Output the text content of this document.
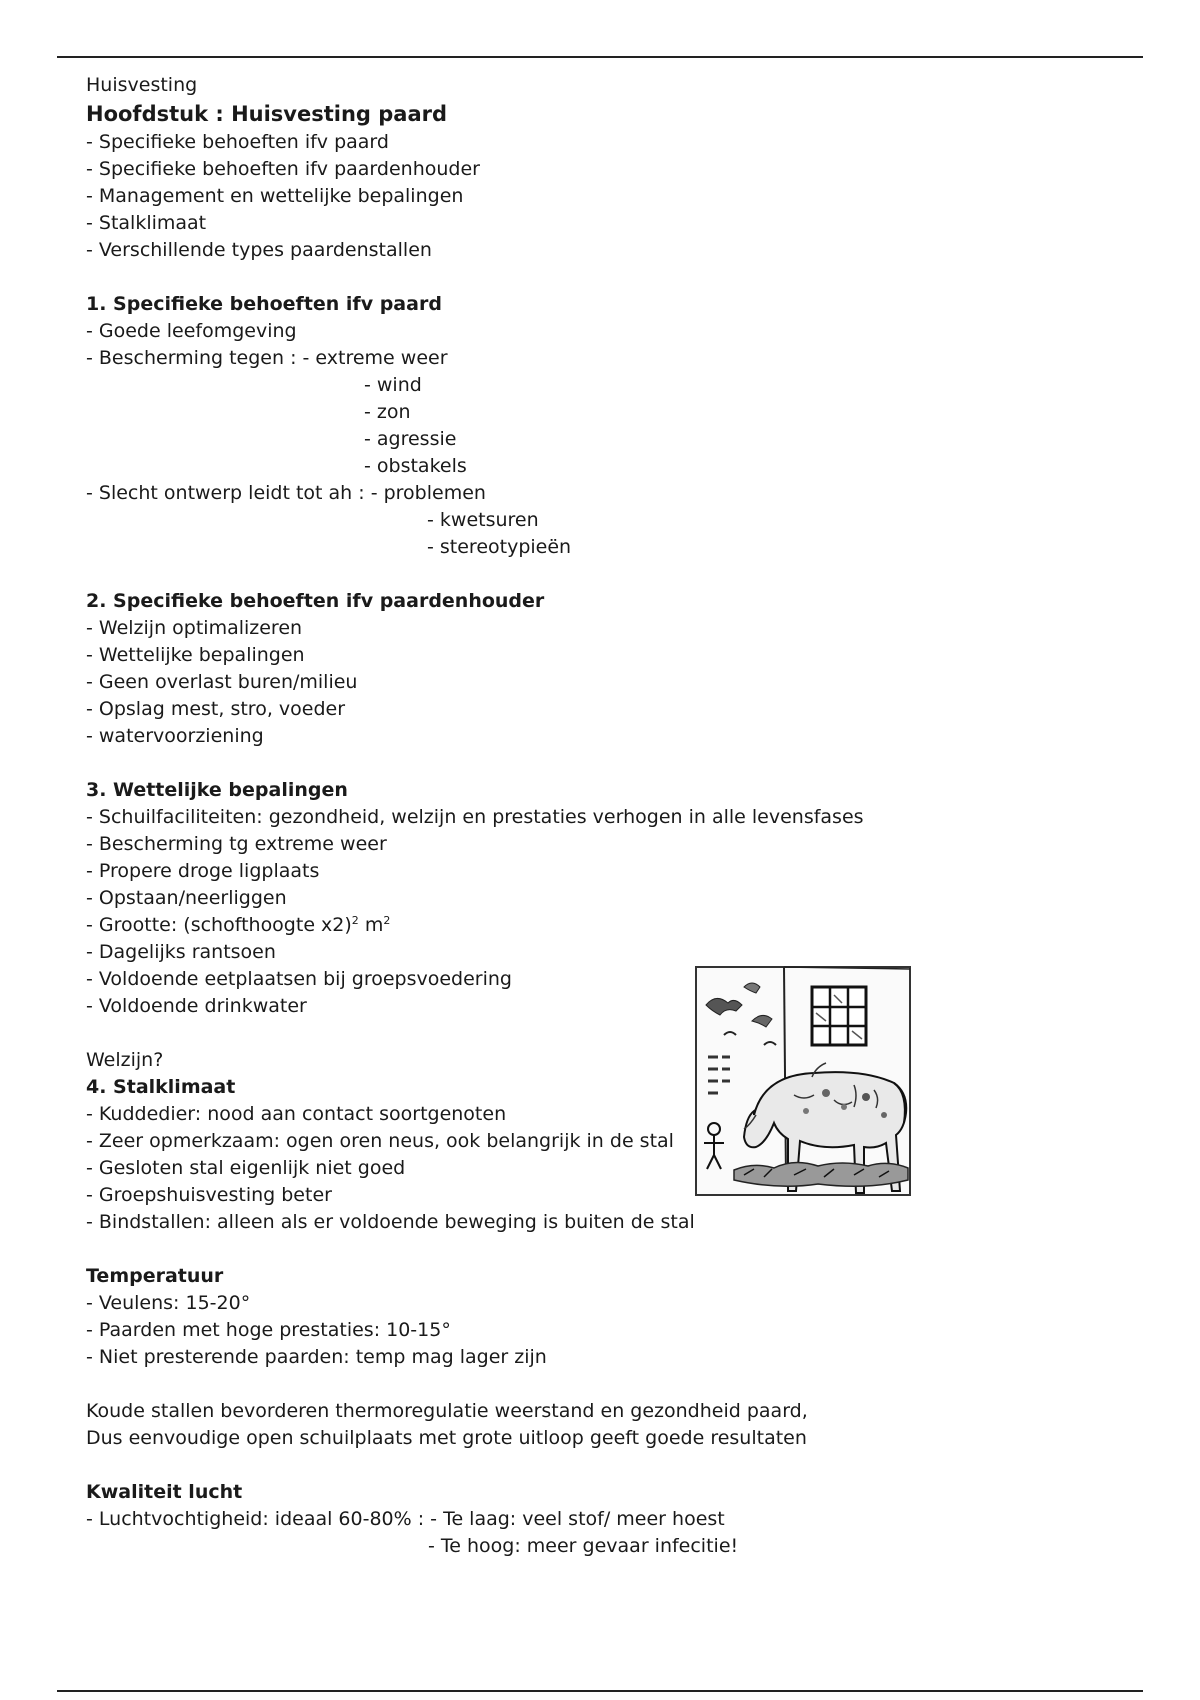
Huisvesting
Hoofdstuk : Huisvesting paard
- Specifieke behoeften ifv paard
- Specifieke behoeften ifv paardenhouder
- Management en wettelijke bepalingen
- Stalklimaat
- Verschillende types paardenstallen
1. Specifieke behoeften ifv paard
- Goede leefomgeving
- Bescherming tegen : - extreme weer
- wind
- zon
- agressie
- obstakels
- Slecht ontwerp leidt tot ah : - problemen
- kwetsuren
- stereotypieën
2. Specifieke behoeften ifv paardenhouder
- Welzijn optimalizeren
- Wettelijke bepalingen
- Geen overlast buren/milieu
- Opslag mest, stro, voeder
- watervoorziening
3. Wettelijke bepalingen
- Schuilfaciliteiten: gezondheid, welzijn en prestaties verhogen in alle levensfases
- Bescherming tg extreme weer
- Propere droge ligplaats
- Opstaan/neerliggen
- Grootte: (schofthoogte x2)$^2$ $m^2$
- Dagelijks rantsoen
- Voldoende eetplaatsen bij groepsvoedering
- Voldoende drinkwater
Welzijn?
4. Stalklimaat
- Kuddedier: nood aan contact soortgenoten
- Zeer opmerkzaam: ogen oren neus, ook belangrijk in de stal
- Gesloten stal eigenlijk niet goed
- Groepshuisvesting beter
- Bindstallen: alleen als er voldoende beweging is buiten de stal
Temperatuur
- Veulens: 15-20°
- Paarden met hoge prestaties: 10-15°
- Niet presterende paarden: temp mag lager zijn
Koude stallen bevorderen thermoregulatie weerstand en gezondheid paard,
Dus eenvoudige open schuilplaats met grote uitloop geeft goede resultaten
Kwaliteit lucht
- Luchtvochtigheid: ideaal 60-80% : - Te laag: veel stof/ meer hoest
- Te hoog: meer gevaar infecitie!
